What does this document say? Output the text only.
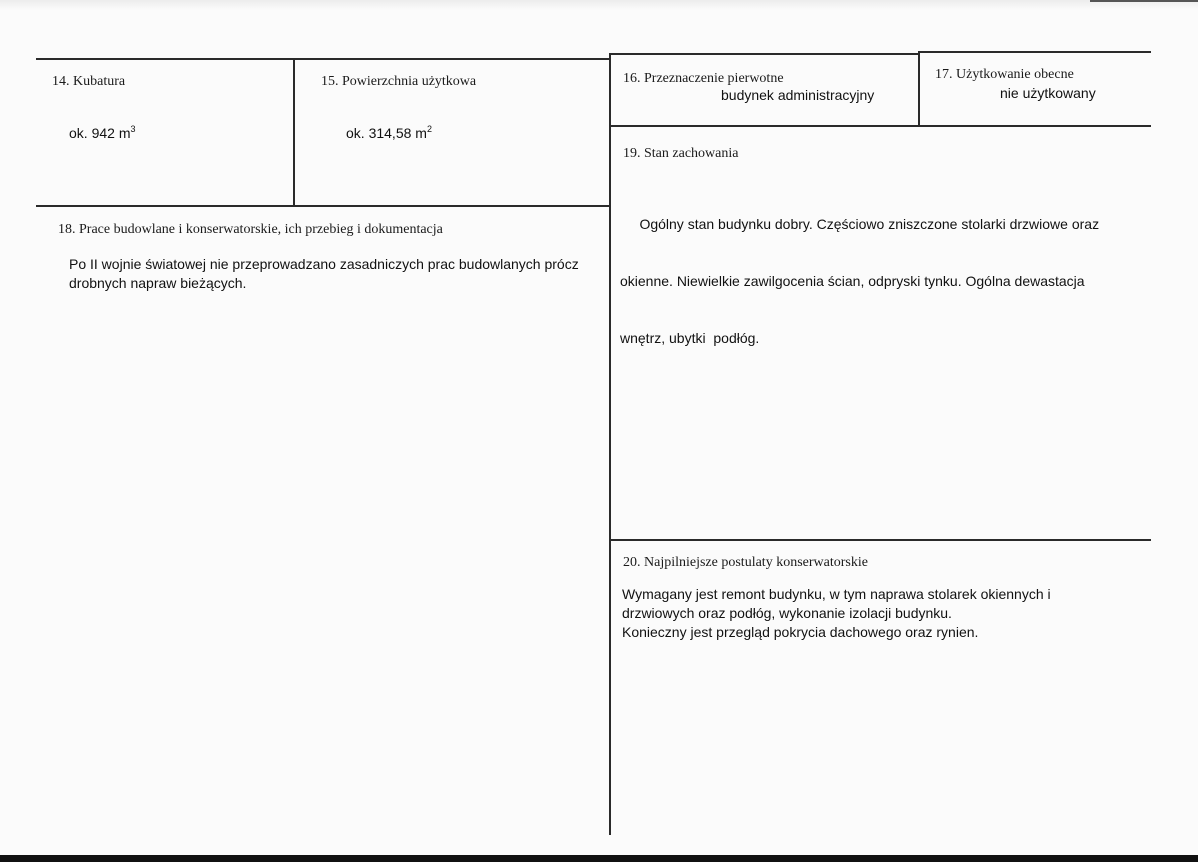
14. Kubatura
ok. 942 $m^3$
15. Powierzchnia użytkowa
ok. 314,58 $m^2$
16. Przeznaczenie pierwotne
budynek administracyjny
17. Użytkowanie obecne
nie użytkowany
18. Prace budowlane i konserwatorskie, ich przebieg i dokumentacja
Po II wojnie światowej nie przeprowadzano zasadniczych prac budowlanych prócz
drobnych napraw bieżących.
19. Stan zachowania

Ogólny stan budynku dobry. Częściowo zniszczone stolarki drzwiowe oraz

okienne. Niewielkie zawilgocenia ścian, odpryski tynku. Ogólna dewastacja

wnętrz, ubytki  podłóg.

20. Najpilniejsze postulaty konserwatorskie
Wymagany jest remont budynku, w tym naprawa stolarek okiennych i
drzwiowych oraz podłóg, wykonanie izolacji budynku.
Konieczny jest przegląd pokrycia dachowego oraz rynien.
